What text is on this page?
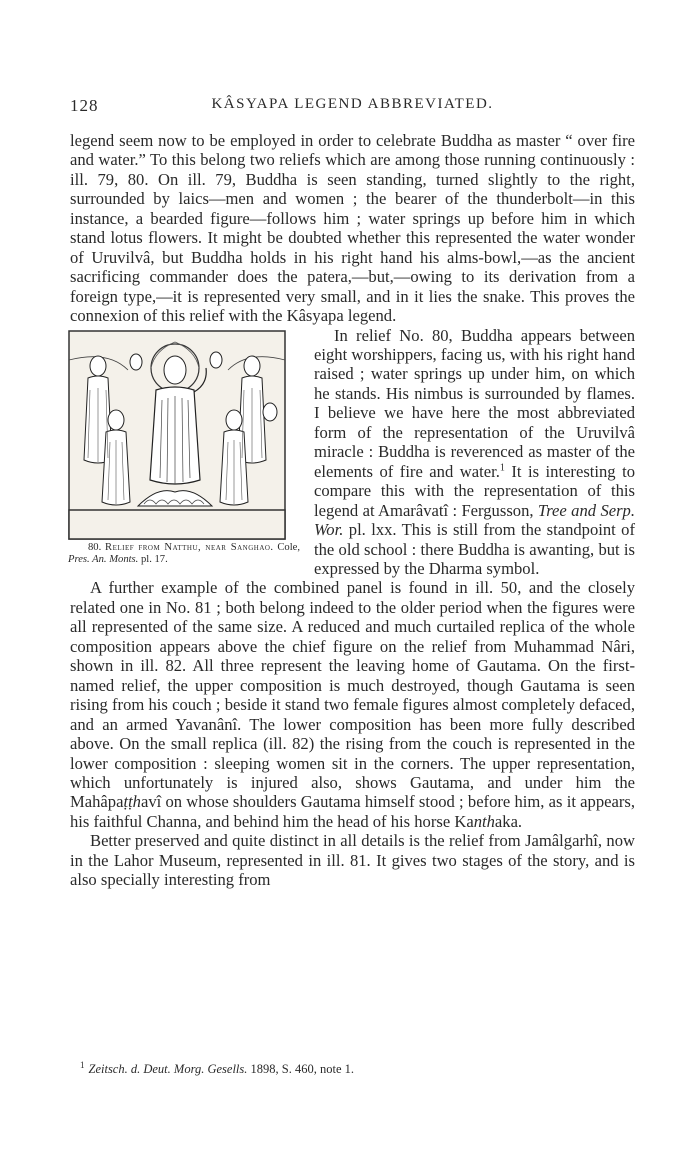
128	KÂSYAPA LEGEND ABBREVIATED.

legend seem now to be employed in order to celebrate Buddha as master “ over fire and water.” To this belong two reliefs which are among those running continuously : ill. 79, 80. On ill. 79, Buddha is seen standing, turned slightly to the right, surrounded by laics—men and women ; the bearer of the thunderbolt—in this instance, a bearded figure—follows him ; water springs up before him in which stand lotus flowers. It might be doubted whether this represented the water wonder of Uruvilvâ, but Buddha holds in his right hand his alms-bowl,—as the ancient sacrificing commander does the patera,—but,—owing to its derivation from a foreign type,—it is represented very small, and in it lies the snake. This proves the connexion of this relief with the Kâsyapa legend.

80. Relief from Natthu, near Sanghao. Cole, Pres. An. Monts. pl. 17.
In relief No. 80, Buddha appears between eight worshippers, facing us, with his right hand raised ; water springs up under him, on which he stands. His nimbus is surrounded by flames. I believe we have here the most abbreviated form of the representation of the Uruvilvâ miracle : Buddha is reverenced as master of the elements of fire and water.$^1$ It is interesting to compare this with the representation of this legend at Amarâvatî : Fergusson, Tree and Serp. Wor. pl. lxx. This is still from the standpoint of the old school : there Buddha is awanting, but is expressed by the Dharma symbol.

A further example of the combined panel is found in ill. 50, and the closely related one in No. 81 ; both belong indeed to the older period when the figures were all represented of the same size. A reduced and much curtailed replica of the whole composition appears above the chief figure on the relief from Muhammad Nâri, shown in ill. 82. All three represent the leaving home of Gautama. On the first-named relief, the upper composition is much destroyed, though Gautama is seen rising from his couch ; beside it stand two female figures almost completely defaced, and an armed Yavanânî. The lower composition has been more fully described above. On the small replica (ill. 82) the rising from the couch is represented in the lower composition : sleeping women sit in the corners. The upper representation, which unfortunately is injured also, shows Gautama, and under him the Mahâpaṭṭhavî on whose shoulders Gautama himself stood ; before him, as it appears, his faithful Channa, and behind him the head of his horse Kanthaka.

Better preserved and quite distinct in all details is the relief from Jamâlgarhî, now in the Lahor Museum, represented in ill. 81. It gives two stages of the story, and is also specially interesting from

$^1$ Zeitsch. d. Deut. Morg. Gesells. 1898, S. 460, note 1.
